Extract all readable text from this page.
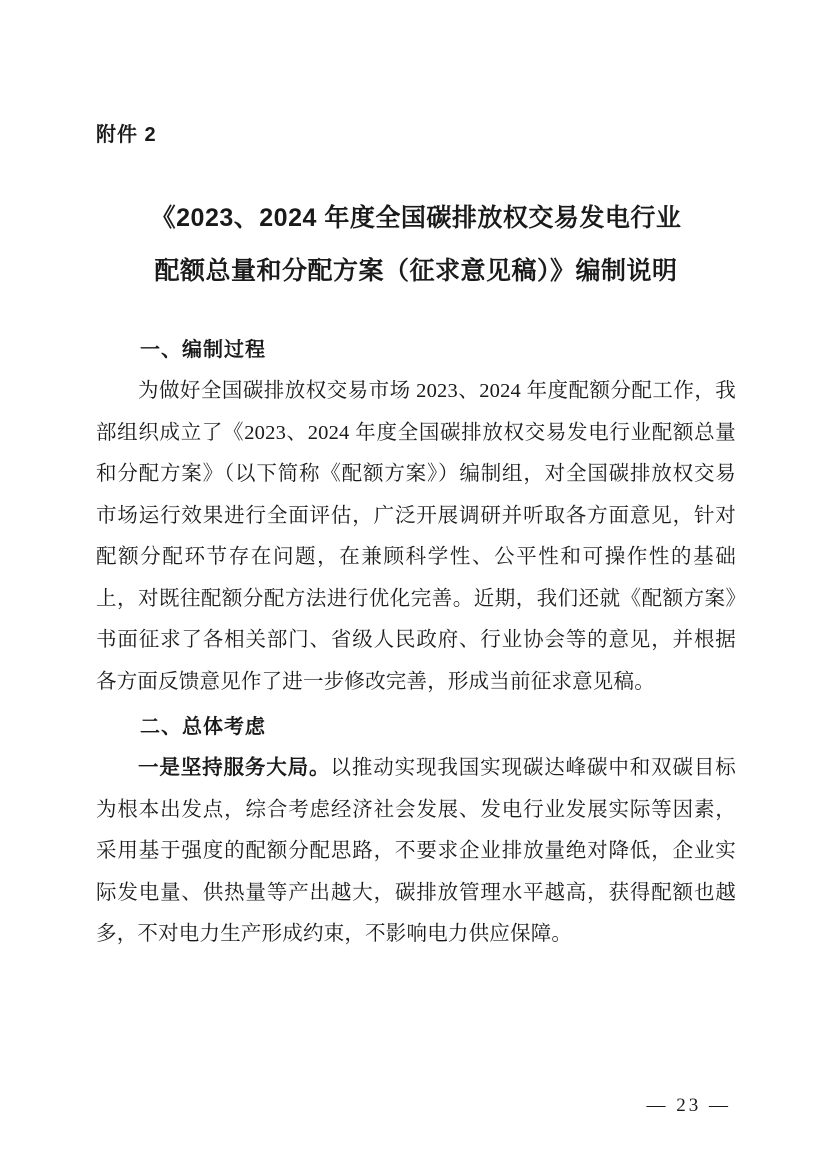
附件 2
《2023、2024 年度全国碳排放权交易发电行业
配额总量和分配方案（征求意见稿）》编制说明
一、编制过程

为做好全国碳排放权交易市场 2023、2024 年度配额分配工作，我部组织成立了《2023、2024 年度全国碳排放权交易发电行业配额总量和分配方案》（以下简称《配额方案》）编制组，对全国碳排放权交易市场运行效果进行全面评估，广泛开展调研并听取各方面意见，针对配额分配环节存在问题，在兼顾科学性、公平性和可操作性的基础上，对既往配额分配方法进行优化完善。近期，我们还就《配额方案》书面征求了各相关部门、省级人民政府、行业协会等的意见，并根据各方面反馈意见作了进一步修改完善，形成当前征求意见稿。

二、总体考虑

一是坚持服务大局。以推动实现我国实现碳达峰碳中和双碳目标为根本出发点，综合考虑经济社会发展、发电行业发展实际等因素，采用基于强度的配额分配思路，不要求企业排放量绝对降低，企业实际发电量、供热量等产出越大，碳排放管理水平越高，获得配额也越多，不对电力生产形成约束，不影响电力供应保障。

— 23 —
